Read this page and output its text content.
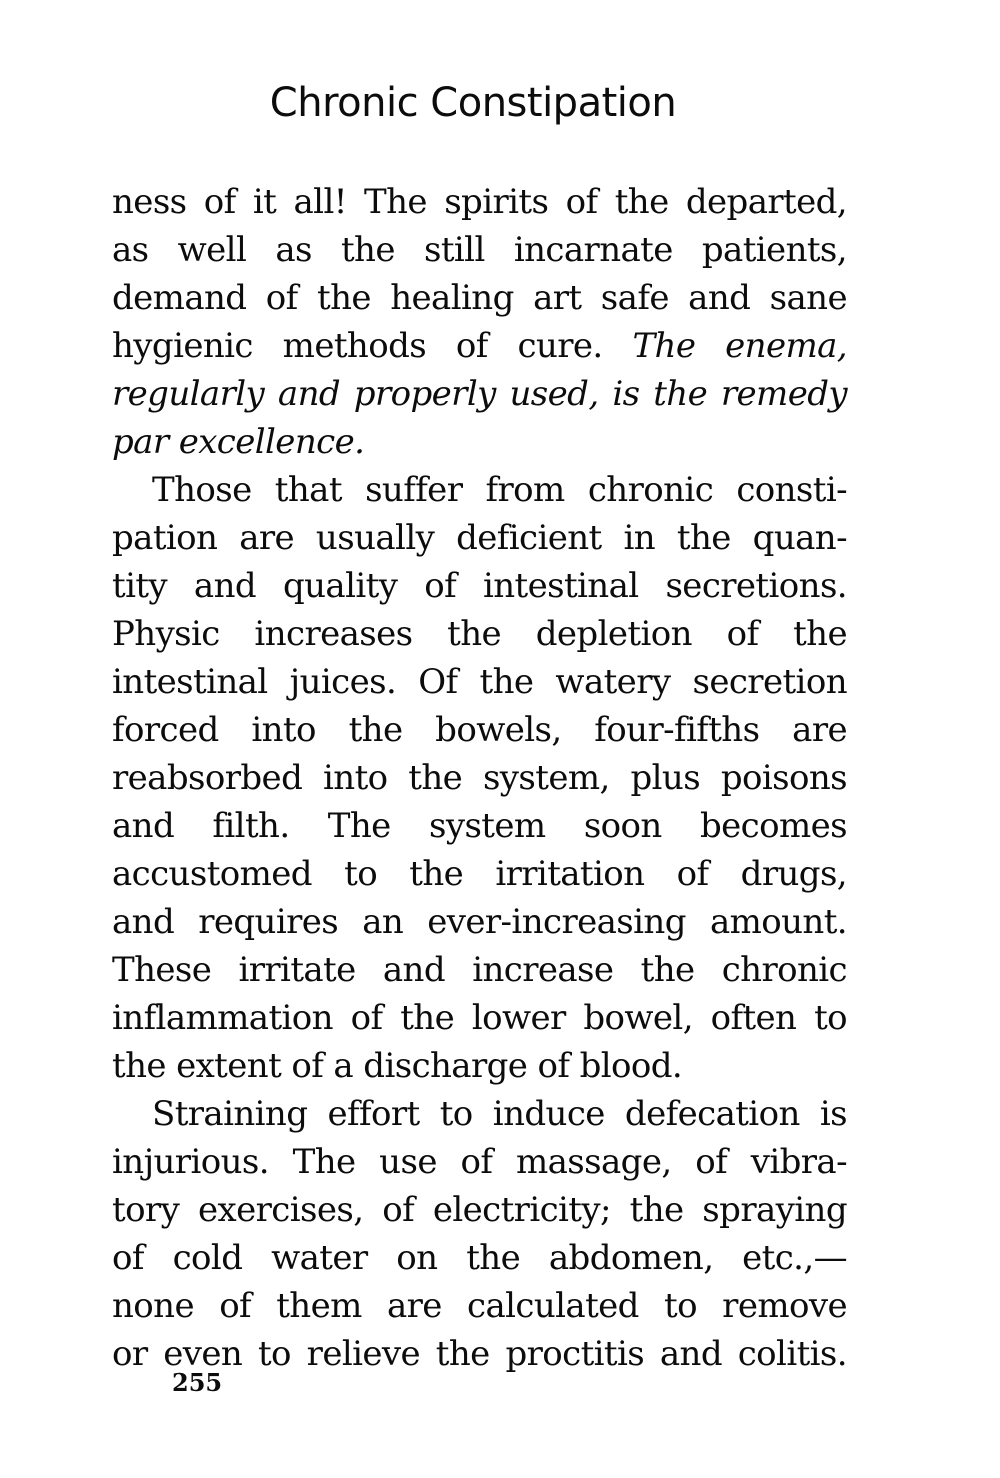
Chronic Constipation
ness of it all! The spirits of the departed,
as well as the still incarnate patients,
demand of the healing art safe and sane
hygienic methods of cure. The enema,
regularly and properly used, is the remedy
par excellence.
Those that suffer from chronic consti-
pation are usually deficient in the quan-
tity and quality of intestinal secretions.
Physic increases the depletion of the
intestinal juices. Of the watery secretion
forced into the bowels, four-fifths are
reabsorbed into the system, plus poisons
and filth. The system soon becomes
accustomed to the irritation of drugs,
and requires an ever-increasing amount.
These irritate and increase the chronic
inflammation of the lower bowel, often to
the extent of a discharge of blood.
Straining effort to induce defecation is
injurious. The use of massage, of vibra-
tory exercises, of electricity; the spraying
of cold water on the abdomen, etc.,—
none of them are calculated to remove
or even to relieve the proctitis and colitis.
255
